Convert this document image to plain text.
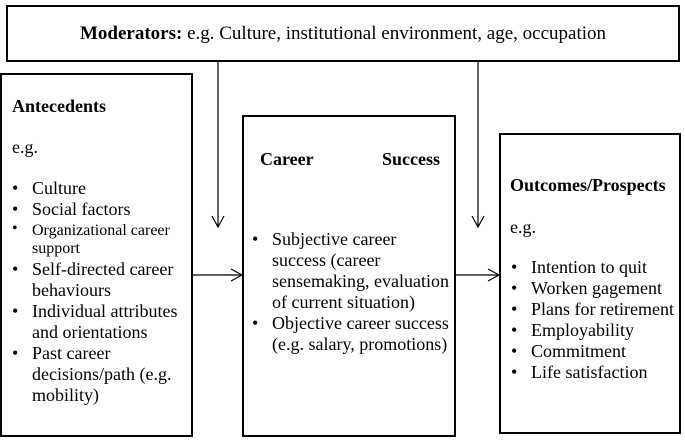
Moderators: e.g. Culture, institutional environment, age, occupation
Antecedents
e.g.
• Culture
• Social factors
• Organizational career support
• Self-directed career behaviours
• Individual attributes and orientations
• Past career decisions/path (e.g. mobility)
Career	Success
• Subjective career success (career sensemaking, evaluation of current situation)
• Objective career success (e.g. salary, promotions)
Outcomes/Prospects
e.g.
• Intention to quit
• Worken gagement
• Plans for retirement
• Employability
• Commitment
• Life satisfaction
